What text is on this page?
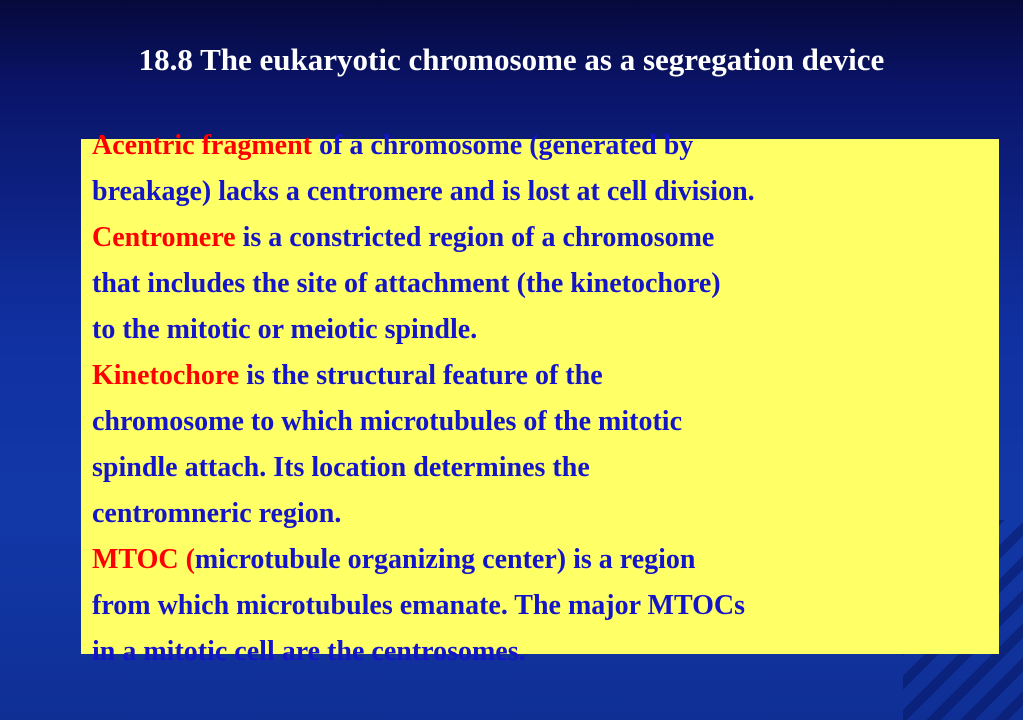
18.8 The eukaryotic chromosome as a segregation device
Acentric fragment of a chromosome (generated by
breakage) lacks a centromere and is lost at cell division.
Centromere is a constricted region of a chromosome
that includes the site of attachment (the kinetochore)
to the mitotic or meiotic spindle.
Kinetochore is the structural feature of the
chromosome to which microtubules of the mitotic
spindle attach. Its location determines the
centromneric region.
MTOC (microtubule organizing center) is a region
from which microtubules emanate. The major MTOCs
in a mitotic cell are the centrosomes.
